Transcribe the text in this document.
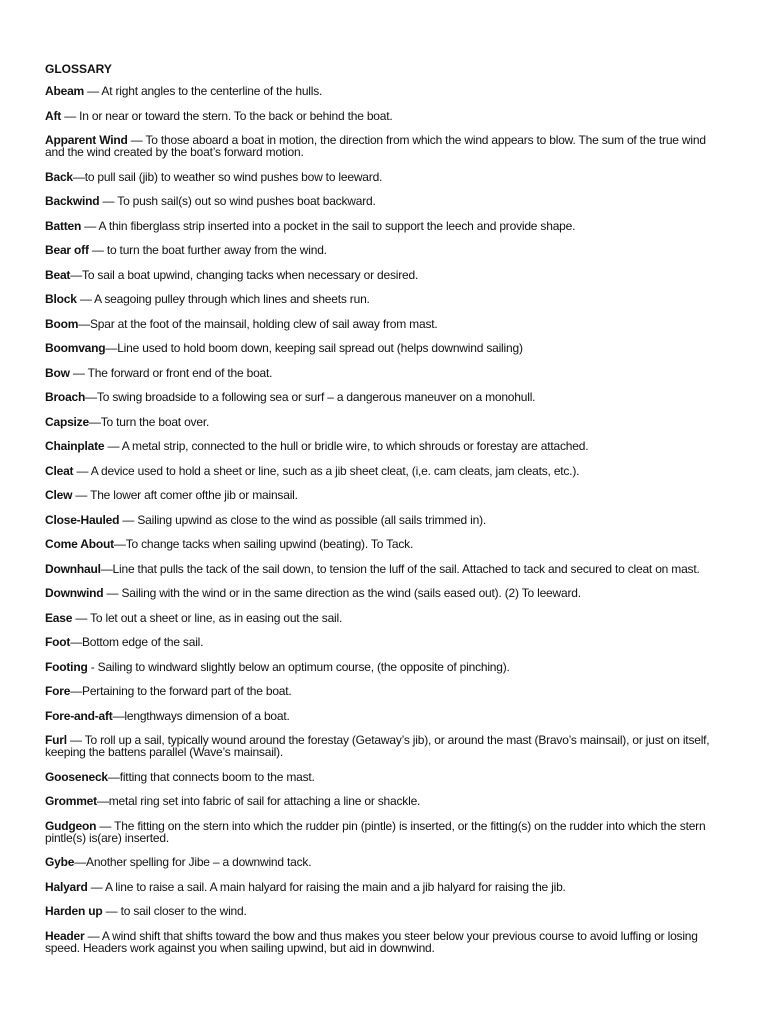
GLOSSARY
Abeam — At right angles to the centerline of the hulls.
Aft — In or near or toward the stern. To the back or behind the boat.
Apparent Wind — To those aboard a boat in motion, the direction from which the wind appears to blow. The sum of the true wind and the wind created by the boat’s forward motion.
Back—to pull sail (jib) to weather so wind pushes bow to leeward.
Backwind — To push sail(s) out so wind pushes boat backward.
Batten — A thin fiberglass strip inserted into a pocket in the sail to support the leech and provide shape.
Bear off — to turn the boat further away from the wind.
Beat—To sail a boat upwind, changing tacks when necessary or desired.
Block — A seagoing pulley through which lines and sheets run.
Boom—Spar at the foot of the mainsail, holding clew of sail away from mast.
Boomvang—Line used to hold boom down, keeping sail spread out (helps downwind sailing)
Bow — The forward or front end of the boat.
Broach—To swing broadside to a following sea or surf – a dangerous maneuver on a monohull.
Capsize—To turn the boat over.
Chainplate — A metal strip, connected to the hull or bridle wire, to which shrouds or forestay are attached.
Cleat — A device used to hold a sheet or line, such as a jib sheet cleat, (i,e. cam cleats, jam cleats, etc.).
Clew — The lower aft comer ofthe jib or mainsail.
Close-Hauled — Sailing upwind as close to the wind as possible (all sails trimmed in).
Come About—To change tacks when sailing upwind (beating). To Tack.
Downhaul—Line that pulls the tack of the sail down, to tension the luff of the sail. Attached to tack and secured to cleat on mast.
Downwind — Sailing with the wind or in the same direction as the wind (sails eased out). (2) To leeward.
Ease — To let out a sheet or line, as in easing out the sail.
Foot—Bottom edge of the sail.
Footing - Sailing to windward slightly below an optimum course, (the opposite of pinching).
Fore—Pertaining to the forward part of the boat.
Fore-and-aft—lengthways dimension of a boat.
Furl — To roll up a sail, typically wound around the forestay (Getaway’s jib), or around the mast (Bravo’s mainsail), or just on itself, keeping the battens parallel (Wave’s mainsail).
Gooseneck—fitting that connects boom to the mast.
Grommet—metal ring set into fabric of sail for attaching a line or shackle.
Gudgeon — The fitting on the stern into which the rudder pin (pintle) is inserted, or the fitting(s) on the rudder into which the stern pintle(s) is(are) inserted.
Gybe—Another spelling for Jibe – a downwind tack.
Halyard — A line to raise a sail. A main halyard for raising the main and a jib halyard for raising the jib.
Harden up — to sail closer to the wind.
Header — A wind shift that shifts toward the bow and thus makes you steer below your previous course to avoid luffing or losing speed. Headers work against you when sailing upwind, but aid in downwind.
